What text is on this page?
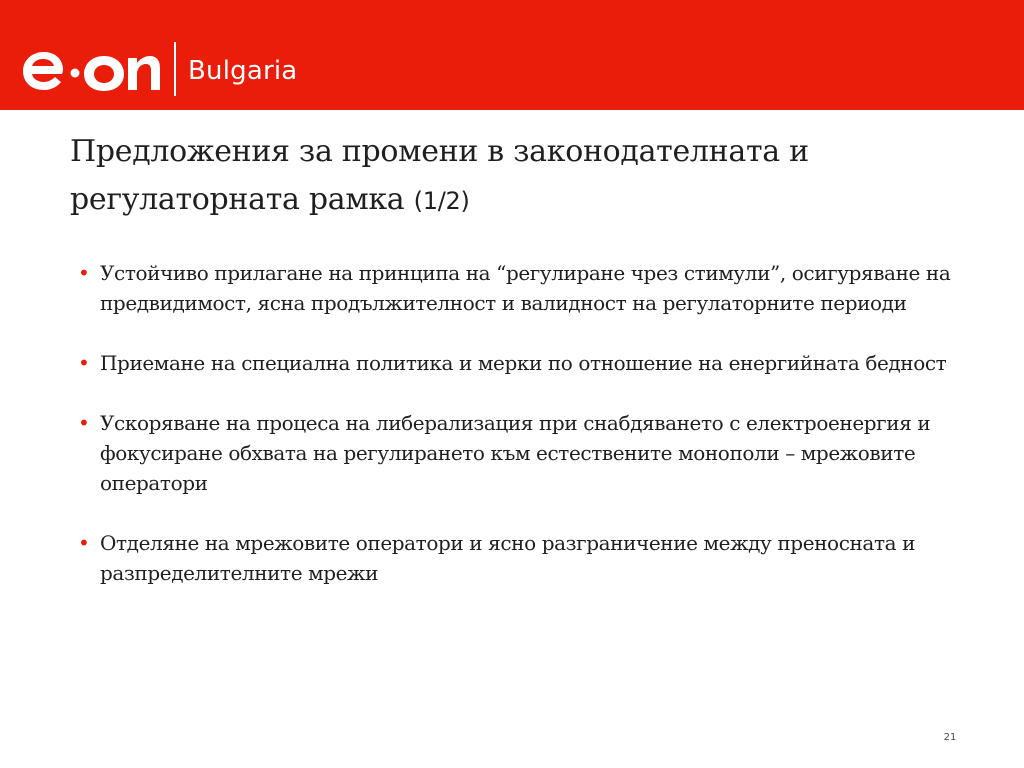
Bulgaria
Предложения за промени в законодателната и регулаторната рамка (1/2)
• Устойчиво прилагане на принципа на “регулиране чрез стимули”, осигуряване на предвидимост, ясна продължителност и валидност на регулаторните периоди
• Приемане на специална политика и мерки по отношение на енергийната бедност
• Ускоряване на процеса на либерализация при снабдяването с електроенергия и фокусиране обхвата на регулирането към естествените монополи – мрежовите оператори
• Отделяне на мрежовите оператори и ясно разграничение между преносната и разпределителните мрежи
21
